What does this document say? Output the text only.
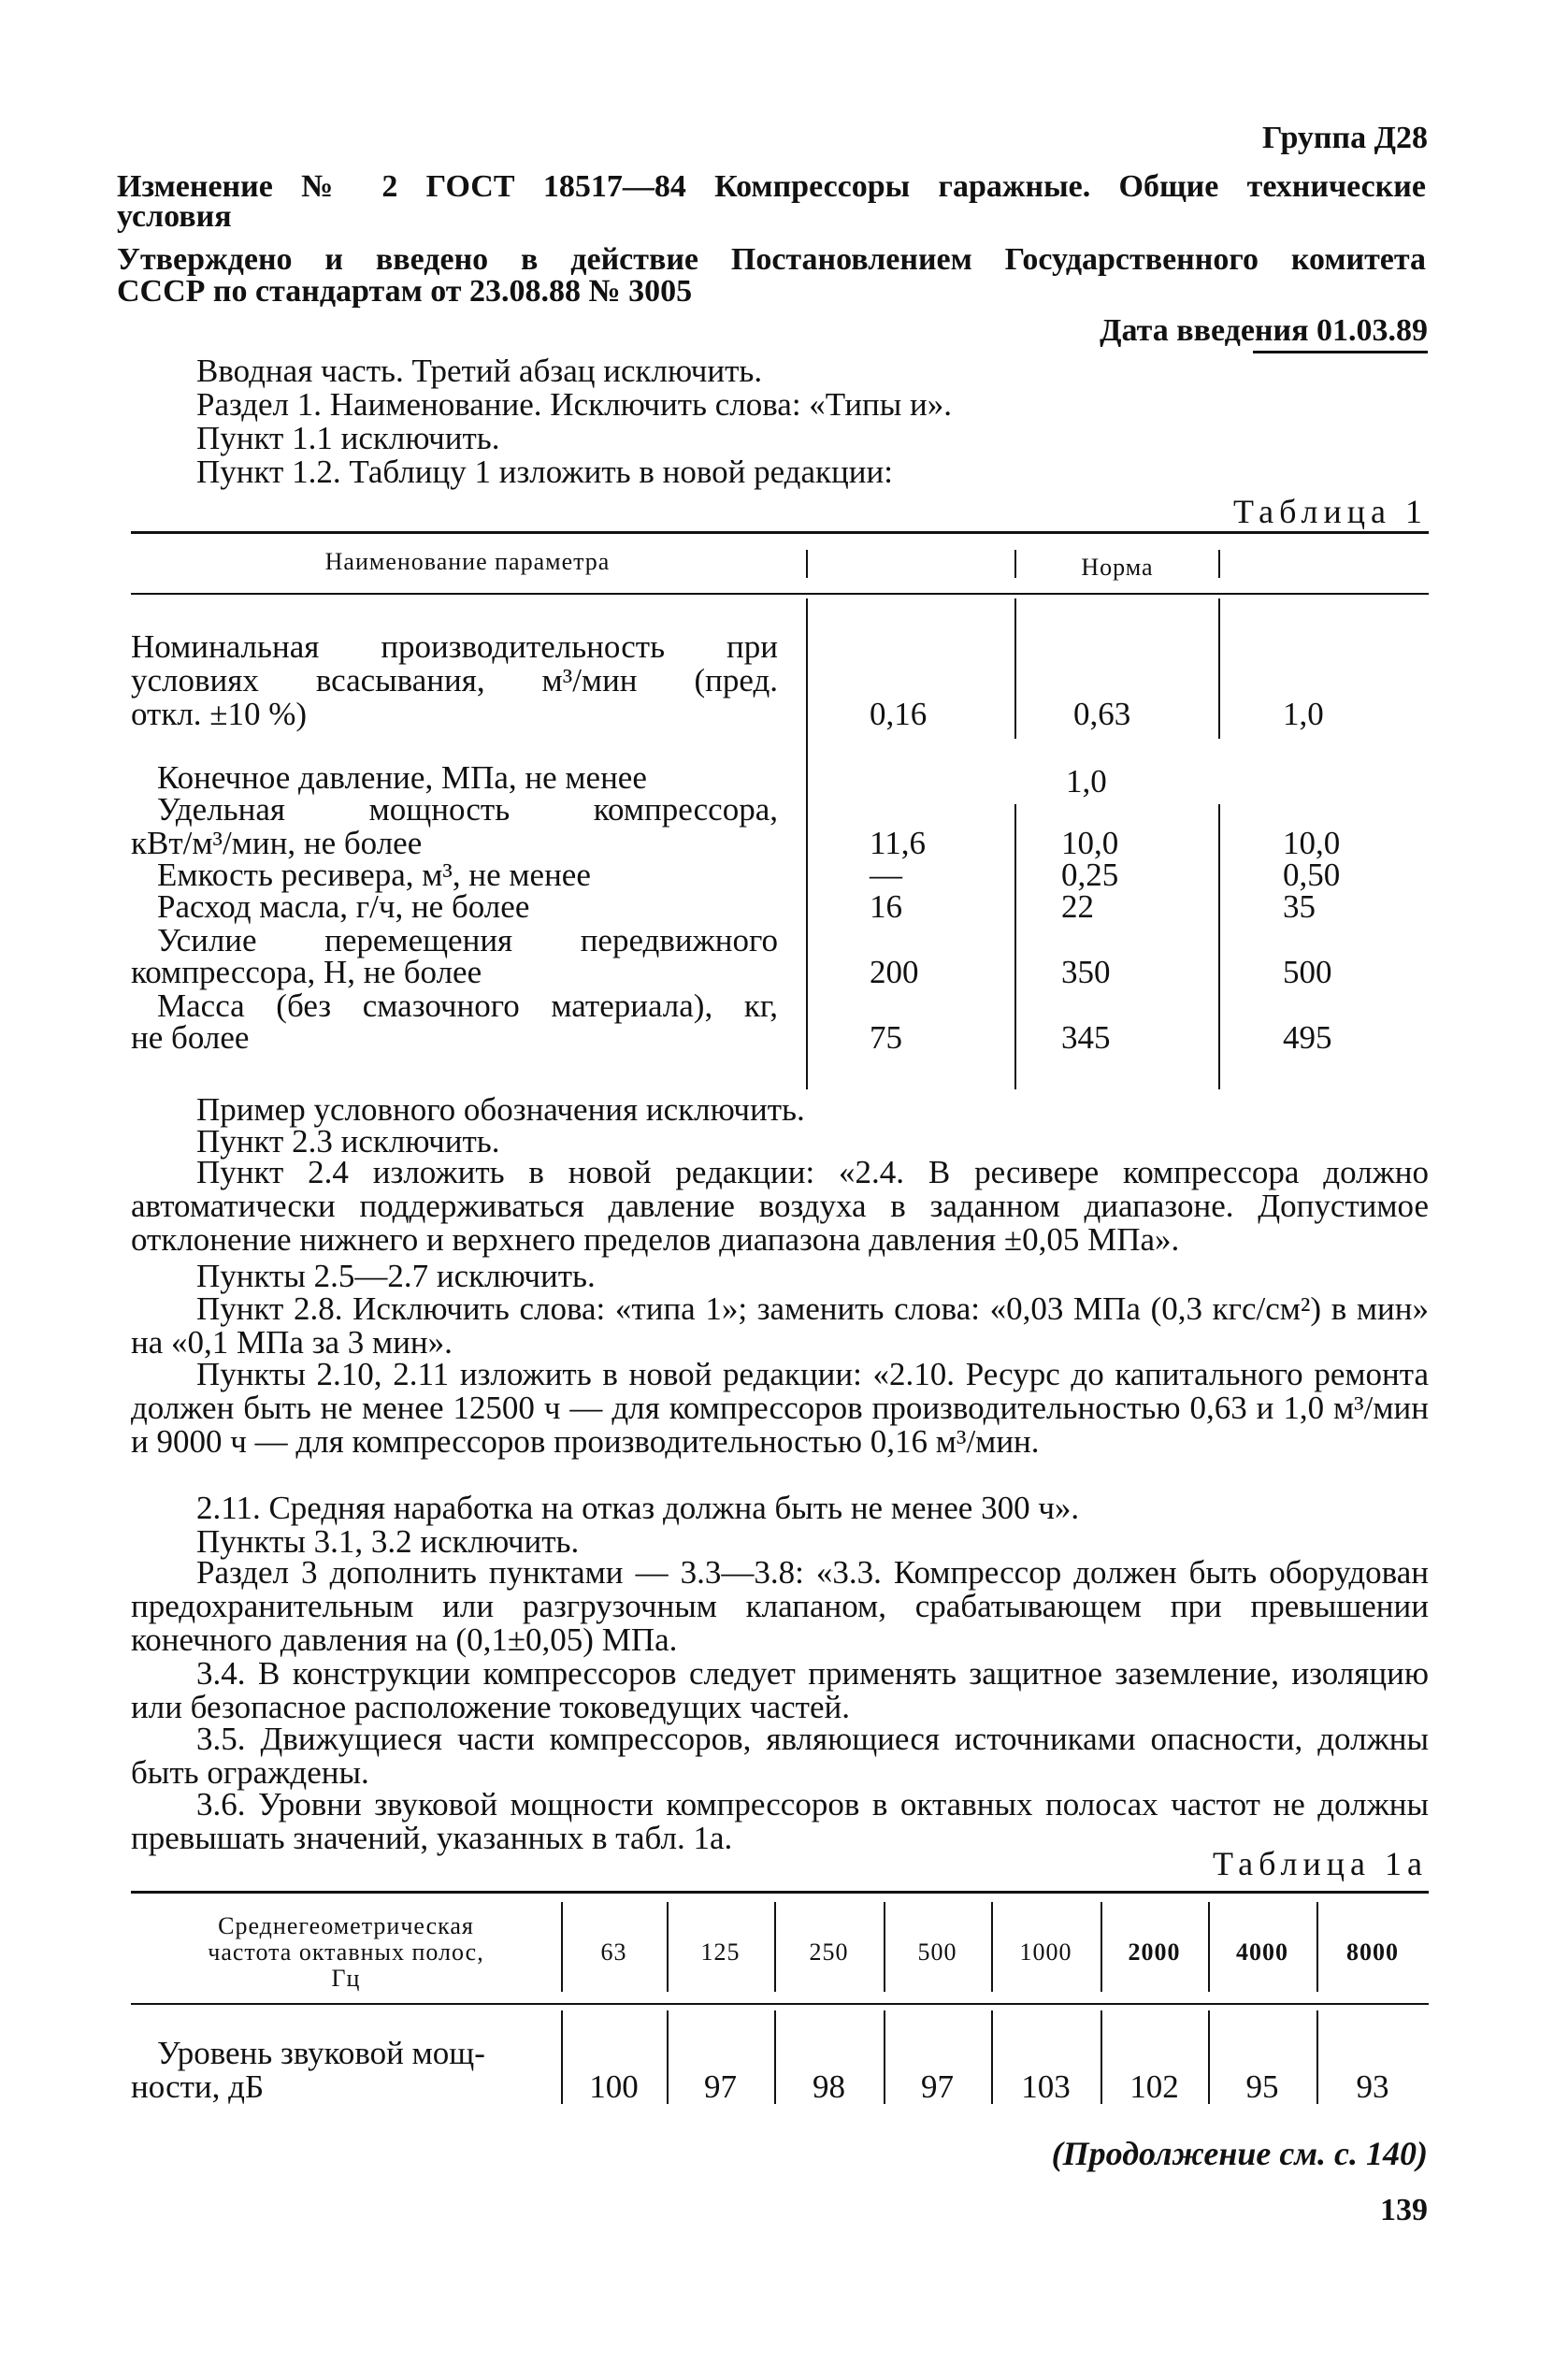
Группа Д28
Изменение № 2 ГОСТ 18517—84 Компрессоры гаражные. Общие технические
условия
Утверждено и введено в действие Постановлением Государственного комитета
СССР по стандартам от 23.08.88 № 3005
Дата введения 01.03.89
Вводная часть. Третий абзац исключить.
Раздел 1. Наименование. Исключить слова: «Типы и».
Пункт 1.1 исключить.
Пункт 1.2. Таблицу 1 изложить в новой редакции:
Таблица 1
Наименование параметра	Норма
Номинальная производительность при
условиях всасывания, м³/мин (пред.
откл. ±10 %)	0,16	0,63	1,0
Конечное давление, МПа, не менее	1,0
Удельная мощность компрессора,
кВт/м³/мин, не более	11,6	10,0	10,0
Емкость ресивера, м³, не менее	—	0,25	0,50
Расход масла, г/ч, не более	16	22	35
Усилие перемещения передвижного
компрессора, Н, не более	200	350	500
Масса (без смазочного материала), кг,
не более	75	345	495
Пример условного обозначения исключить.
Пункт 2.3 исключить.
Пункт 2.4 изложить в новой редакции: «2.4. В ресивере компрессора должно автоматически поддерживаться давление воздуха в заданном диапазоне. Допустимое отклонение нижнего и верхнего пределов диапазона давления ±0,05 МПа».
Пункты 2.5—2.7 исключить.
Пункт 2.8. Исключить слова: «типа 1»; заменить слова: «0,03 МПа (0,3 кгс/см²) в мин» на «0,1 МПа за 3 мин».
Пункты 2.10, 2.11 изложить в новой редакции: «2.10. Ресурс до капитального ремонта должен быть не менее 12500 ч — для компрессоров производительностью 0,63 и 1,0 м³/мин и 9000 ч — для компрессоров производительностью 0,16 м³/мин.
2.11. Средняя наработка на отказ должна быть не менее 300 ч».
Пункты 3.1, 3.2 исключить.
Раздел 3 дополнить пунктами — 3.3—3.8: «3.3. Компрессор должен быть оборудован предохранительным или разгрузочным клапаном, срабатывающем при превышении конечного давления на (0,1±0,05) МПа.
3.4. В конструкции компрессоров следует применять защитное заземление, изоляцию или безопасное расположение токоведущих частей.
3.5. Движущиеся части компрессоров, являющиеся источниками опасности, должны быть ограждены.
3.6. Уровни звуковой мощности компрессоров в октавных полосах частот не должны превышать значений, указанных в табл. 1а.
Таблица 1а
Среднегеометрическая
частота октавных полос,
Гц
63	125	250	500	1000	2000	4000	8000
Уровень звуковой мощ-
ности, дБ	100	97	98	97	103	102	95	93
(Продолжение см. с. 140)
139
